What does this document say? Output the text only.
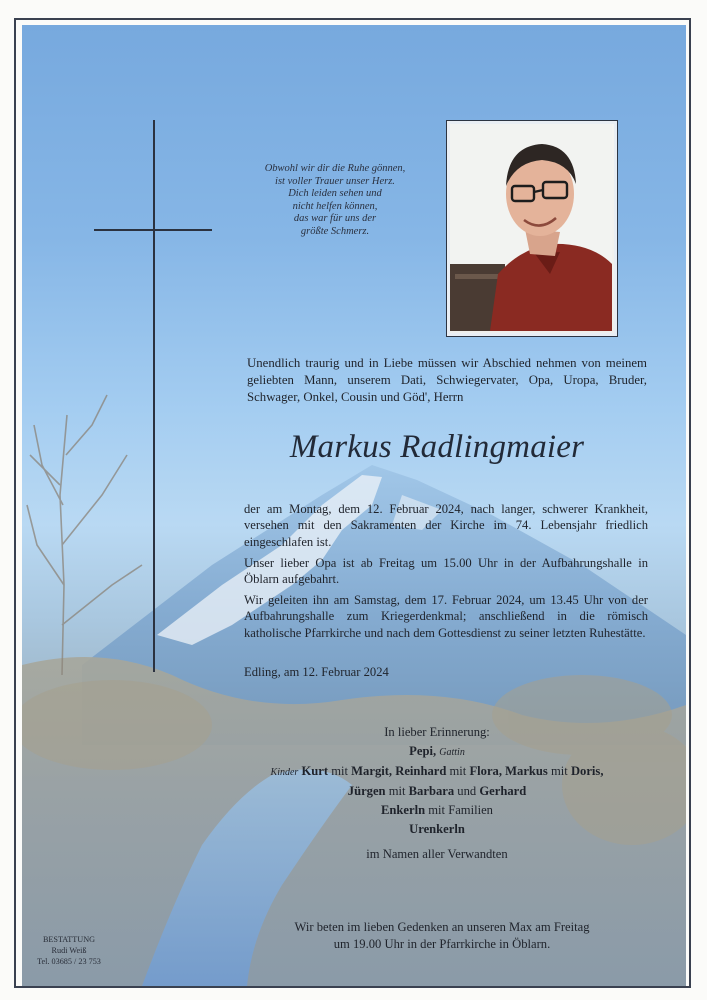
Obwohl wir dir die Ruhe gönnen,
ist voller Trauer unser Herz.
Dich leiden sehen und
nicht helfen können,
das war für uns der
größte Schmerz.
Unendlich traurig und in Liebe müssen wir Abschied nehmen von meinem geliebten Mann, unserem Dati, Schwiegervater, Opa, Uropa, Bruder, Schwager, Onkel, Cousin und Göd', Herrn
Markus Radlingmaier

der am Montag, dem 12. Februar 2024, nach langer, schwerer Krankheit, versehen mit den Sakramenten der Kirche im 74. Lebensjahr friedlich eingeschlafen ist.

Unser lieber Opa ist ab Freitag um 15.00 Uhr in der Aufbahrungshalle in Öblarn aufgebahrt.

Wir geleiten ihn am Samstag, dem 17. Februar 2024, um 13.45 Uhr von der Aufbahrungshalle zum Kriegerdenkmal; anschließend in die römisch katholische Pfarrkirche und nach dem Gottesdienst zu seiner letzten Ruhestätte.

Edling, am 12. Februar 2024
In lieber Erinnerung:
Pepi, Gattin
Kinder Kurt mit Margit, Reinhard mit Flora, Markus mit Doris,
Jürgen mit Barbara und Gerhard
Enkerln mit Familien
Urenkerln
im Namen aller Verwandten
Wir beten im lieben Gedenken an unseren Max am Freitag
um 19.00 Uhr in der Pfarrkirche in Öblarn.
BESTATTUNG
Rudi Weiß
Tel. 03685 / 23 753
